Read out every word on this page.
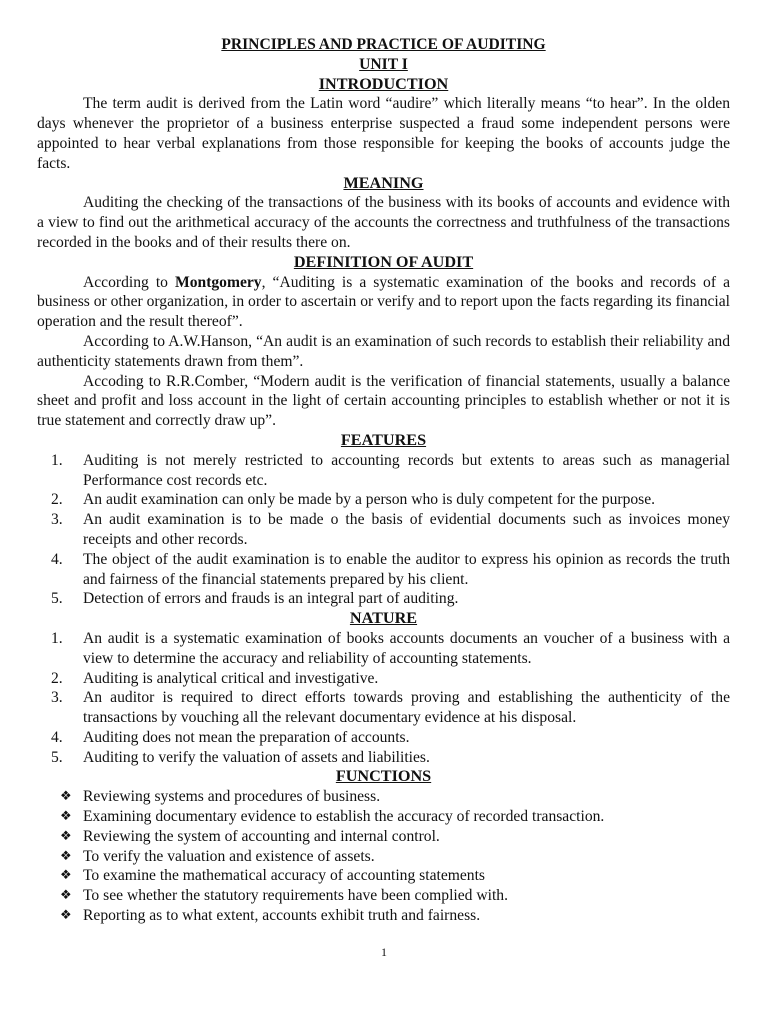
PRINCIPLES AND PRACTICE OF AUDITING
UNIT I
INTRODUCTION

The term audit is derived from the Latin word “audire” which literally means “to hear”. In the olden days whenever the proprietor of a business enterprise suspected a fraud some independent persons were appointed to hear verbal explanations from those responsible for keeping the books of accounts judge the facts.

MEANING

Auditing the checking of the transactions of the business with its books of accounts and evidence with a view to find out the arithmetical accuracy of the accounts the correctness and truthfulness of the transactions recorded in the books and of their results there on.

DEFINITION OF AUDIT

According to Montgomery, “Auditing is a systematic examination of the books and records of a business or other organization, in order to ascertain or verify and to report upon the facts regarding its financial operation and the result thereof”.

According to A.W.Hanson, “An audit is an examination of such records to establish their reliability and authenticity statements drawn from them”.

Accoding to R.R.Comber, “Modern audit is the verification of financial statements, usually a balance sheet and profit and loss account in the light of certain accounting principles to establish whether or not it is true statement and correctly draw up”.

FEATURES
1. Auditing is not merely restricted to accounting records but extents to areas such as managerial Performance cost records etc.
2. An audit examination can only be made by a person who is duly competent for the purpose.
3. An audit examination is to be made o the basis of evidential documents such as invoices money receipts and other records.
4. The object of the audit examination is to enable the auditor to express his opinion as records the truth and fairness of the financial statements prepared by his client.
5. Detection of errors and frauds is an integral part of auditing.
NATURE
1. An audit is a systematic examination of books accounts documents an voucher of a business with a view to determine the accuracy and reliability of accounting statements.
2. Auditing is analytical critical and investigative.
3. An auditor is required to direct efforts towards proving and establishing the authenticity of the transactions by vouching all the relevant documentary evidence at his disposal.
4. Auditing does not mean the preparation of accounts.
5. Auditing to verify the valuation of assets and liabilities.
FUNCTIONS
❖ Reviewing systems and procedures of business.
❖ Examining documentary evidence to establish the accuracy of recorded transaction.
❖ Reviewing the system of accounting and internal control.
❖ To verify the valuation and existence of assets.
❖ To examine the mathematical accuracy of accounting statements
❖ To see whether the statutory requirements have been complied with.
❖ Reporting as to what extent, accounts exhibit truth and fairness.
1
